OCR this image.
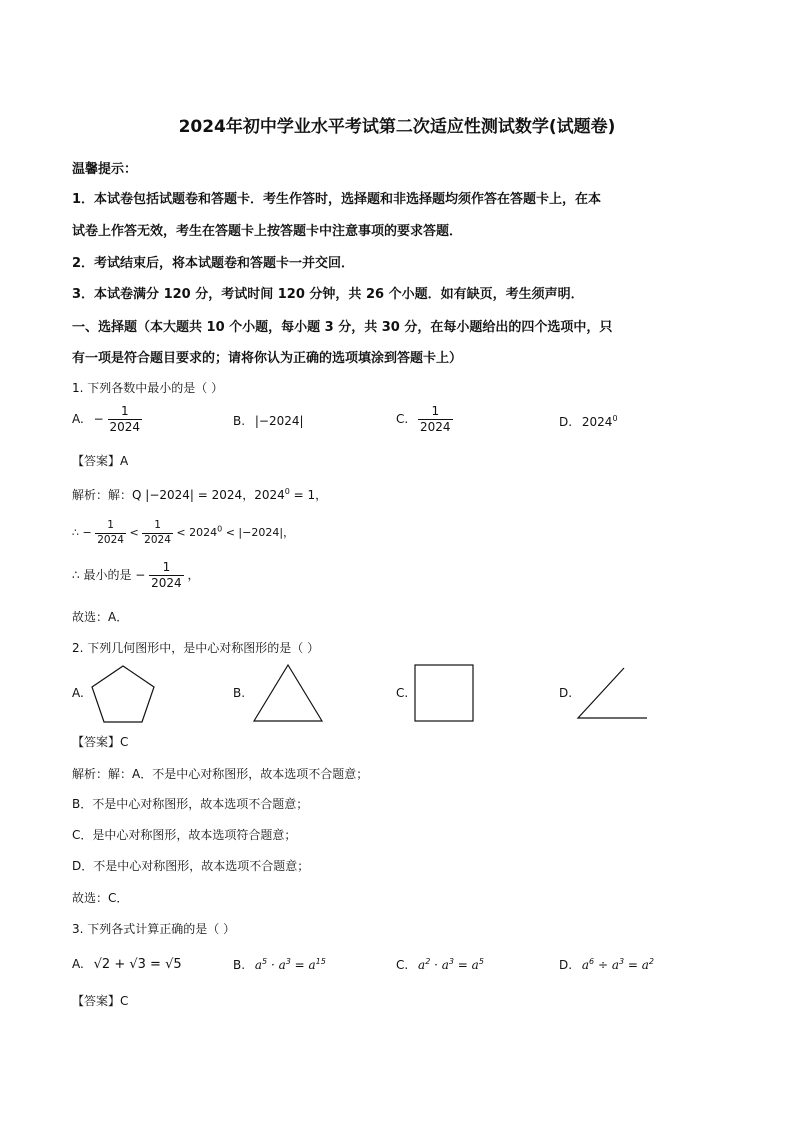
2024年初中学业水平考试第二次适应性测试数学(试题卷)
温馨提示：
1．本试卷包括试题卷和答题卡．考生作答时，选择题和非选择题均须作答在答题卡上，在本
试卷上作答无效，考生在答题卡上按答题卡中注意事项的要求答题．
2．考试结束后，将本试题卷和答题卡一并交回．
3．本试卷满分 120 分，考试时间 120 分钟，共 26 个小题．如有缺页，考生须声明．
一、选择题（本大题共 10 个小题，每小题 3 分，共 30 分，在每小题给出的四个选项中，只
有一项是符合题目要求的；请将你认为正确的选项填涂到答题卡上）
1. 下列各数中最小的是（ ）
A. − $\frac{1}{2024}$	B. |−2024|	C. $\frac{1}{2024}$	D. 2024$^0$
【答案】A
解析：解：Q |−2024| = 2024，$2024^0 = 1$，
∴ − $\frac{1}{2024} < \frac{1}{2024} < 2024^0 < |-2024|$，
∴ 最小的是 − $\frac{1}{2024}$ ，
故选：A．
2. 下列几何图形中，是中心对称图形的是（ ）
A.	B.	C.	D.
【答案】C
解析：解：A．不是中心对称图形，故本选项不合题意；
B．不是中心对称图形，故本选项不合题意；
C．是中心对称图形，故本选项符合题意；
D．不是中心对称图形，故本选项不合题意；
故选：C．
3. 下列各式计算正确的是（ ）
A. √2 + √3 = √5	B. $a^5 \cdot a^3 = a^{15}$	C. $a^2 \cdot a^3 = a^5$	D. $a^6 \div a^3 = a^2$
【答案】C
